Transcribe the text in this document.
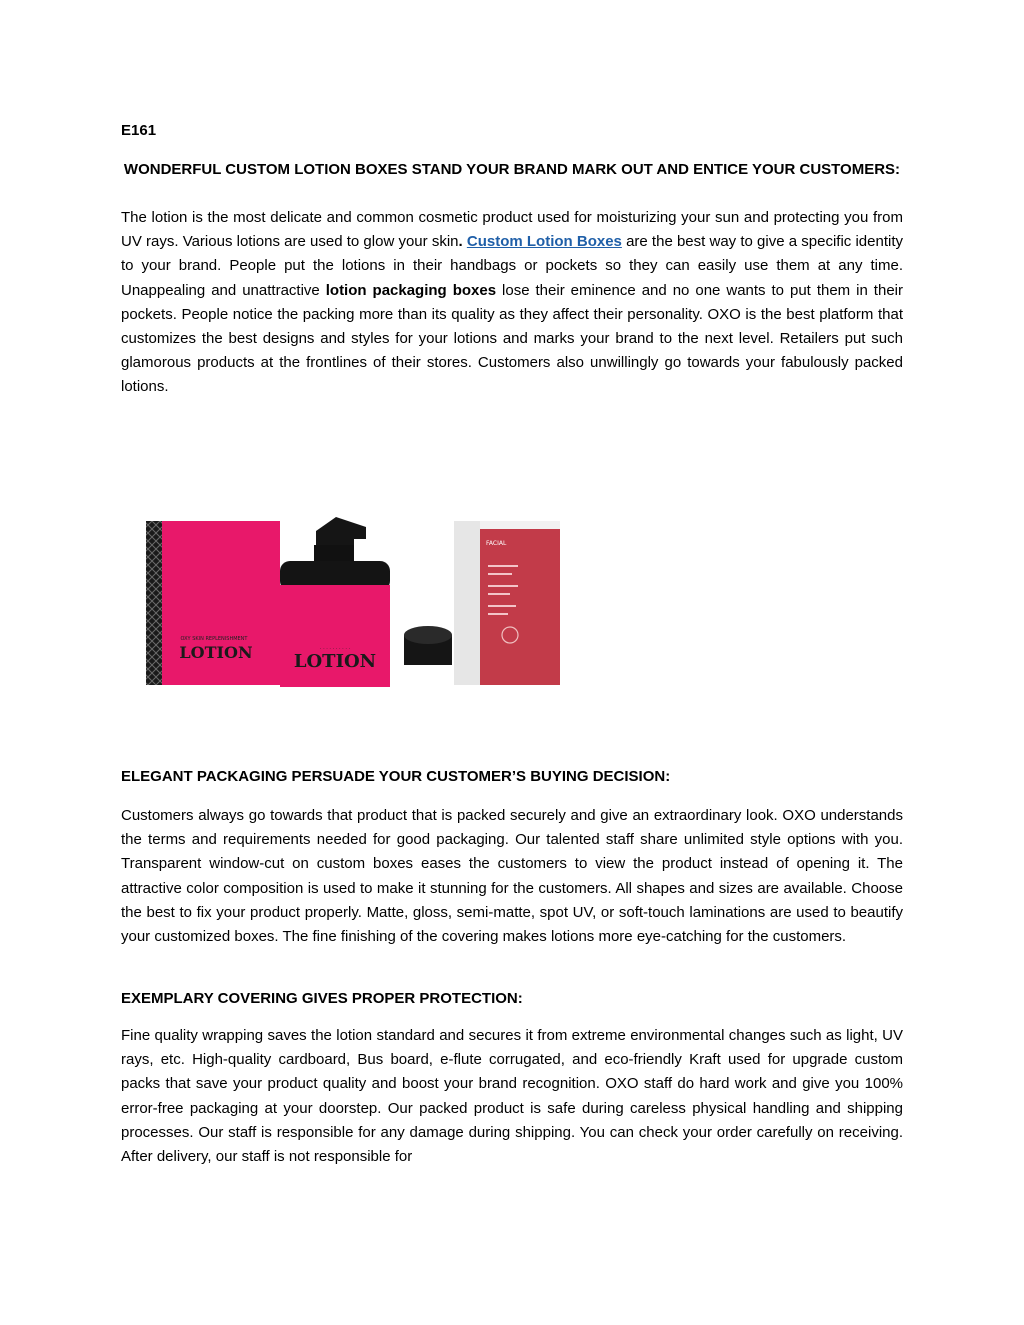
E161
WONDERFUL CUSTOM LOTION BOXES STAND YOUR BRAND MARK OUT AND ENTICE YOUR CUSTOMERS:

The lotion is the most delicate and common cosmetic product used for moisturizing your sun and protecting you from UV rays. Various lotions are used to glow your skin. Custom Lotion Boxes are the best way to give a specific identity to your brand. People put the lotions in their handbags or pockets so they can easily use them at any time. Unappealing and unattractive lotion packaging boxes lose their eminence and no one wants to put them in their pockets. People notice the packing more than its quality as they affect their personality. OXO is the best platform that customizes the best designs and styles for your lotions and marks your brand to the next level. Retailers put such glamorous products at the frontlines of their stores. Customers also unwillingly go towards your fabulously packed lotions.

OXY SKIN REPLENISHMENT
LOTION
FACIAL
· · · · · · · · · ·
LOTION
ELEGANT PACKAGING PERSUADE YOUR CUSTOMER’S BUYING DECISION:

Customers always go towards that product that is packed securely and give an extraordinary look. OXO understands the terms and requirements needed for good packaging. Our talented staff share unlimited style options with you. Transparent window-cut on custom boxes eases the customers to view the product instead of opening it. The attractive color composition is used to make it stunning for the customers. All shapes and sizes are available. Choose the best to fix your product properly. Matte, gloss, semi-matte, spot UV, or soft-touch laminations are used to beautify your customized boxes. The fine finishing of the covering makes lotions more eye-catching for the customers.

EXEMPLARY COVERING GIVES PROPER PROTECTION:

Fine quality wrapping saves the lotion standard and secures it from extreme environmental changes such as light, UV rays, etc. High-quality cardboard, Bus board, e-flute corrugated, and eco-friendly Kraft used for upgrade custom packs that save your product quality and boost your brand recognition. OXO staff do hard work and give you 100% error-free packaging at your doorstep. Our packed product is safe during careless physical handling and shipping processes. Our staff is responsible for any damage during shipping. You can check your order carefully on receiving. After delivery, our staff is not responsible for
